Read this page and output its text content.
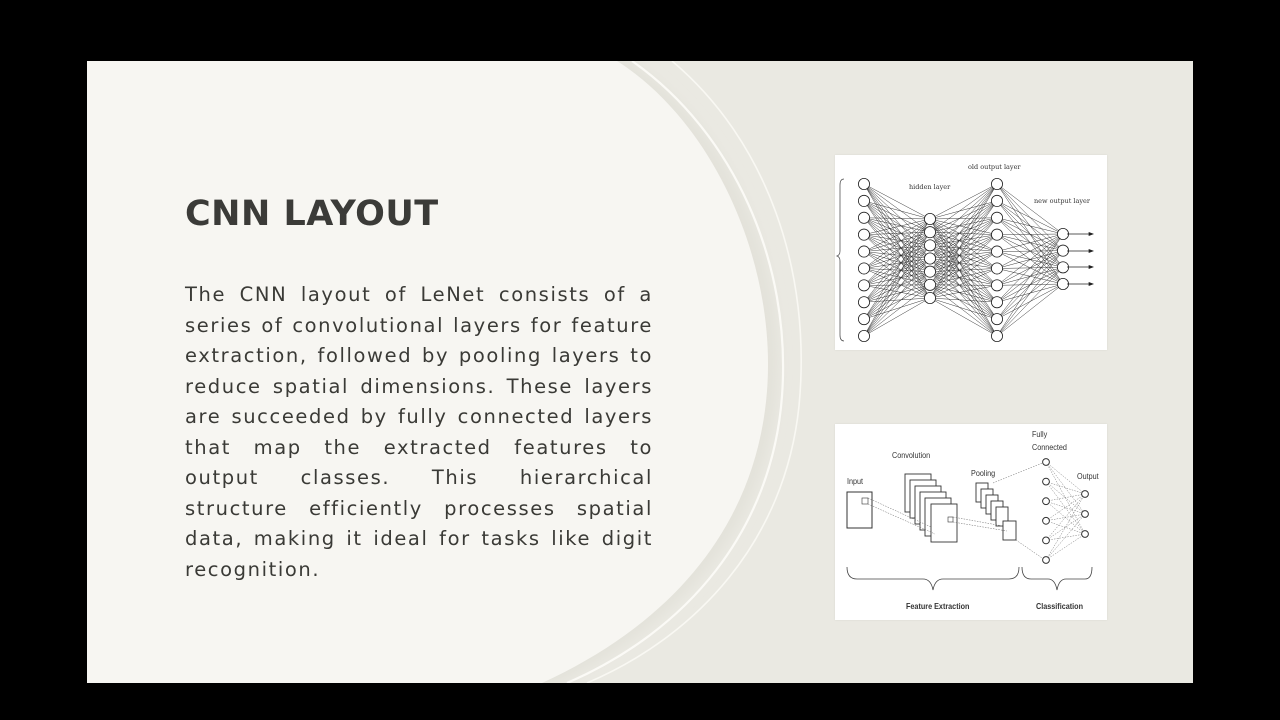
CNN LAYOUT

The CNN layout of LeNet consists of a series of convolutional layers for feature extraction, followed by pooling layers to reduce spatial dimensions. These layers are succeeded by fully connected layers that map the extracted features to output classes. This hierarchical structure efficiently processes spatial data, making it ideal for tasks like digit recognition.

hidden layer
old output layer
new output layer
Input
Convolution
Pooling
Fully
Connected
Output
Feature Extraction	Classification
